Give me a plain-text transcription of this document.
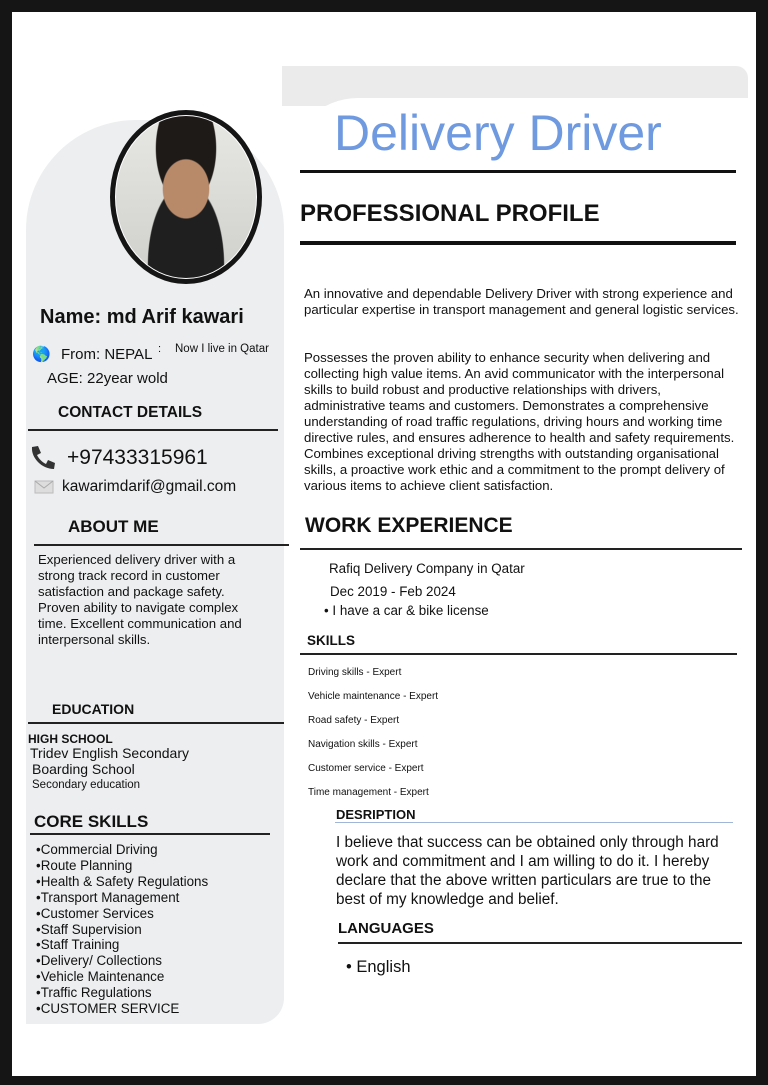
Delivery Driver
PROFESSIONAL PROFILE
An innovative and dependable Delivery Driver with strong experience and particular expertise in transport management and general logistic services.
Possesses the proven ability to enhance security when delivering and collecting high value items. An avid communicator with the interpersonal skills to build robust and productive relationships with drivers, administrative teams and customers. Demonstrates a comprehensive understanding of road traffic regulations, driving hours and working time directive rules, and ensures adherence to health and safety requirements. Combines exceptional driving strengths with outstanding organisational skills, a proactive work ethic and a commitment to the prompt delivery of various items to achieve client satisfaction.
Name: md Arif kawari
🌎 From: NEPAL : Now I live in Qatar
AGE: 22year wold
CONTACT DETAILS
+97433315961
kawarimdarif@gmail.com
ABOUT ME
Experienced delivery driver with a strong track record in customer satisfaction and package safety.
Proven ability to navigate complex time. Excellent communication and interpersonal skills.
EDUCATION
HIGH SCHOOL
Tridev English Secondary
Boarding School
Secondary education
CORE SKILLS
• Commercial Driving
• Route Planning
• Health & Safety Regulations
• Transport Management
• Customer Services
• Staff Supervision
• Staff Training
• Delivery/ Collections
• Vehicle Maintenance
• Traffic Regulations
• CUSTOMER SERVICE
WORK EXPERIENCE
Rafiq Delivery Company in Qatar
Dec 2019 - Feb 2024
• I have a car & bike license
SKILLS
Driving skills - Expert
Vehicle maintenance - Expert
Road safety - Expert
Navigation skills - Expert
Customer service - Expert
Time management - Expert
DESRIPTION
I believe that success can be obtained only through hard work and commitment and I am willing to do it. I hereby declare that the above written particulars are true to the best of my knowledge and belief.
LANGUAGES
• English
